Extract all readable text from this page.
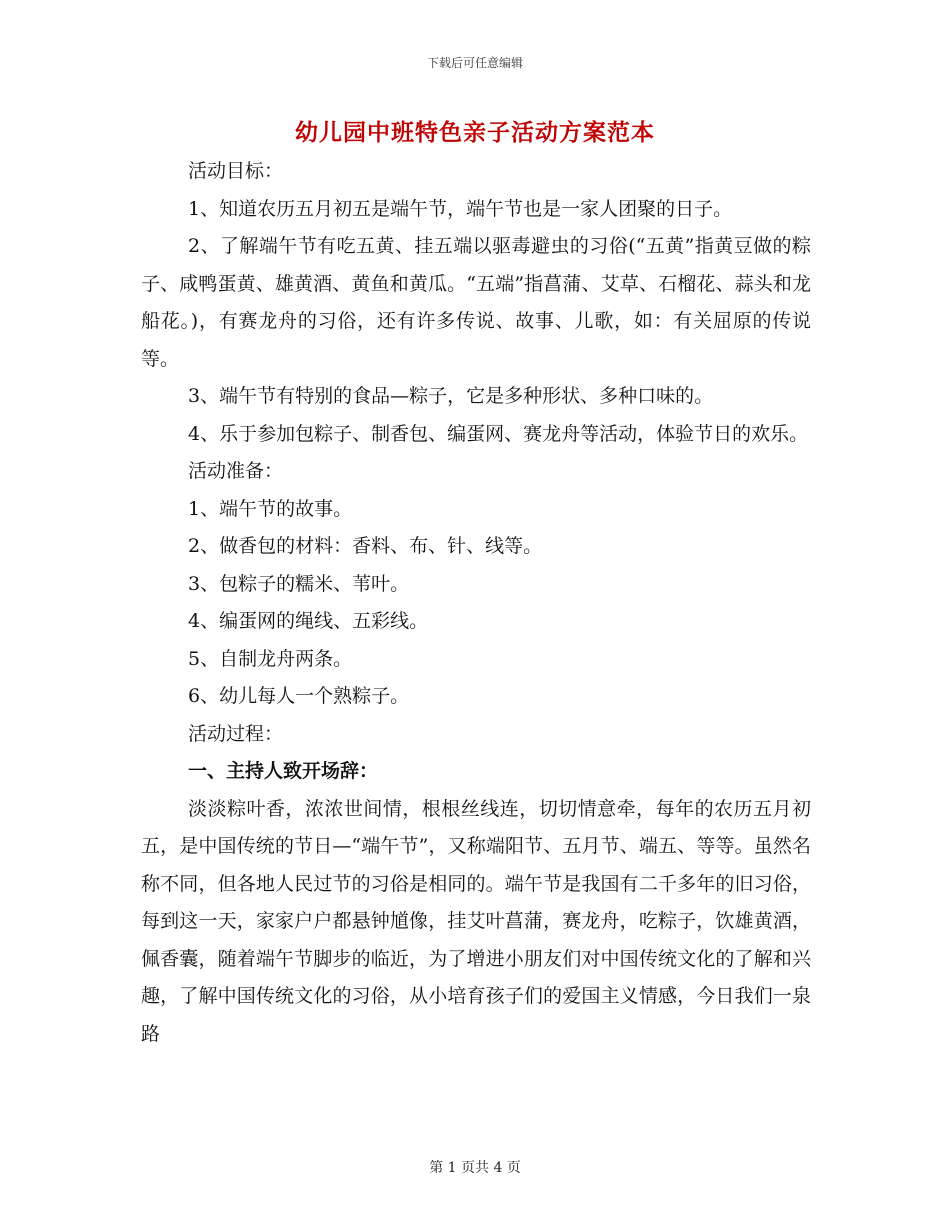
下载后可任意编辑
幼儿园中班特色亲子活动方案范本

活动目标：

1、知道农历五月初五是端午节，端午节也是一家人团聚的日子。

2、了解端午节有吃五黄、挂五端以驱毒避虫的习俗(“五黄”指黄豆做的粽子、咸鸭蛋黄、雄黄酒、黄鱼和黄瓜。“五端”指菖蒲、艾草、石榴花、蒜头和龙船花。)，有赛龙舟的习俗，还有许多传说、故事、儿歌，如：有关屈原的传说等。

3、端午节有特别的食品—粽子，它是多种形状、多种口味的。

4、乐于参加包粽子、制香包、编蛋网、赛龙舟等活动，体验节日的欢乐。

活动准备：

1、端午节的故事。

2、做香包的材料：香料、布、针、线等。

3、包粽子的糯米、苇叶。

4、编蛋网的绳线、五彩线。

5、自制龙舟两条。

6、幼儿每人一个熟粽子。

活动过程：

一、主持人致开场辞：

淡淡粽叶香，浓浓世间情，根根丝线连，切切情意牵，每年的农历五月初五，是中国传统的节日—“端午节”，又称端阳节、五月节、端五、等等。虽然名称不同，但各地人民过节的习俗是相同的。端午节是我国有二千多年的旧习俗，每到这一天，家家户户都悬钟馗像，挂艾叶菖蒲，赛龙舟，吃粽子，饮雄黄酒，佩香囊，随着端午节脚步的临近，为了增进小朋友们对中国传统文化的了解和兴趣，了解中国传统文化的习俗，从小培育孩子们的爱国主义情感，今日我们一泉路

第 1 页共 4 页
